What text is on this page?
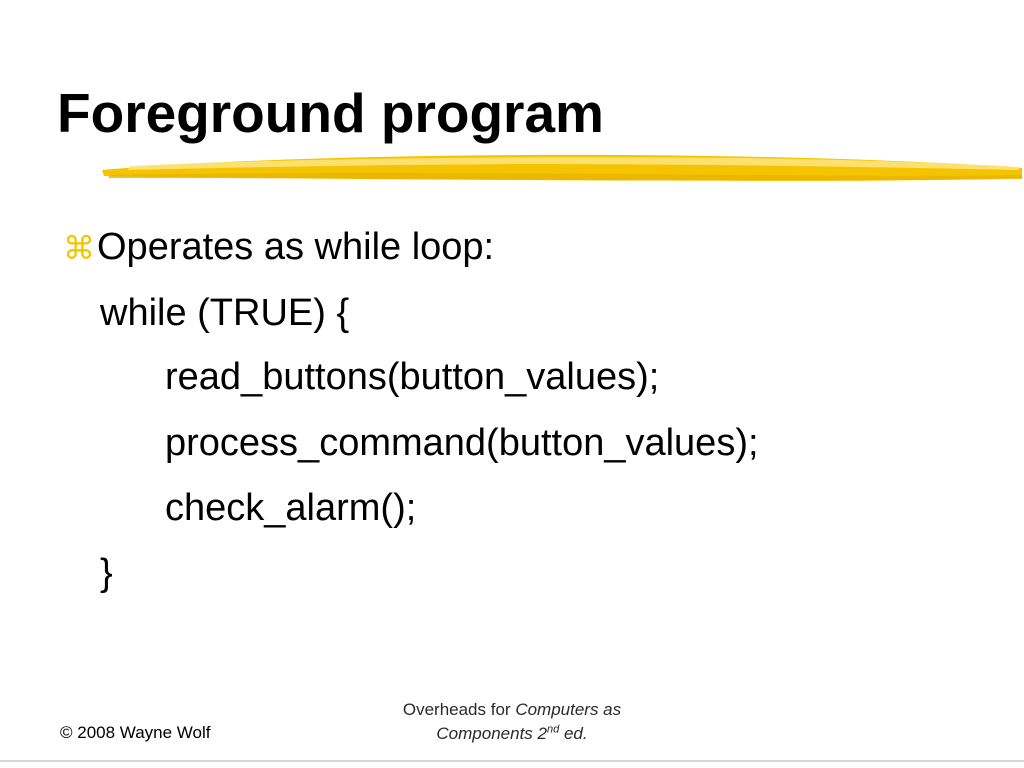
Foreground program
⌘Operates as while loop:
while (TRUE) {
read_buttons(button_values);
process_command(button_values);
check_alarm();
}
© 2008 Wayne Wolf
Overheads for Computers as
Components 2nd ed.
